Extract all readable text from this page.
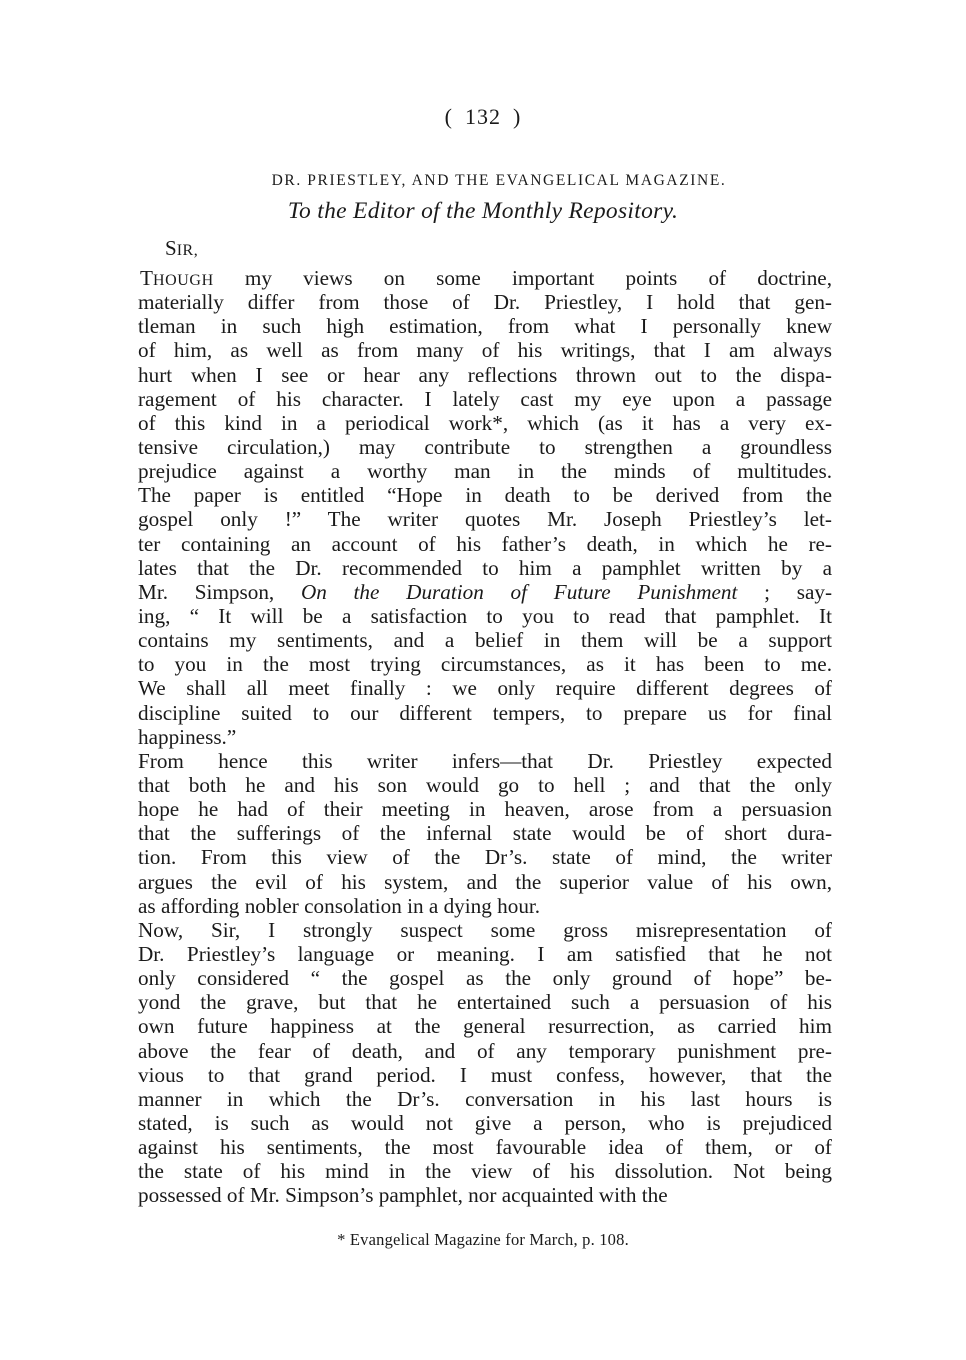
( 132 )
DR. PRIESTLEY, AND THE EVANGELICAL MAGAZINE.
To the Editor of the Monthly Repository.
SIR,
THOUGH my views on some important points of doctrine,
materially differ from those of Dr. Priestley, I hold that gen-
tleman in such high estimation, from what I personally knew
of him, as well as from many of his writings, that I am always
hurt when I see or hear any reflections thrown out to the dispa-
ragement of his character. I lately cast my eye upon a passage
of this kind in a periodical work*, which (as it has a very ex-
tensive circulation,) may contribute to strengthen a groundless
prejudice against a worthy man in the minds of multitudes.
The paper is entitled “Hope in death to be derived from the
gospel only !” The writer quotes Mr. Joseph Priestley’s let-
ter containing an account of his father’s death, in which he re-
lates that the Dr. recommended to him a pamphlet written by a
Mr. Simpson, On the Duration of Future Punishment ; say-
ing, “ It will be a satisfaction to you to read that pamphlet. It
contains my sentiments, and a belief in them will be a support
to you in the most trying circumstances, as it has been to me.
We shall all meet finally : we only require different degrees of
discipline suited to our different tempers, to prepare us for final
happiness.”
From hence this writer infers—that Dr. Priestley expected
that both he and his son would go to hell ; and that the only
hope he had of their meeting in heaven, arose from a persuasion
that the sufferings of the infernal state would be of short dura-
tion. From this view of the Dr’s. state of mind, the writer
argues the evil of his system, and the superior value of his own,
as affording nobler consolation in a dying hour.
Now, Sir, I strongly suspect some gross misrepresentation of
Dr. Priestley’s language or meaning. I am satisfied that he not
only considered “ the gospel as the only ground of hope” be-
yond the grave, but that he entertained such a persuasion of his
own future happiness at the general resurrection, as carried him
above the fear of death, and of any temporary punishment pre-
vious to that grand period. I must confess, however, that the
manner in which the Dr’s. conversation in his last hours is
stated, is such as would not give a person, who is prejudiced
against his sentiments, the most favourable idea of them, or of
the state of his mind in the view of his dissolution. Not being
possessed of Mr. Simpson’s pamphlet, nor acquainted with the
* Evangelical Magazine for March, p. 108.
